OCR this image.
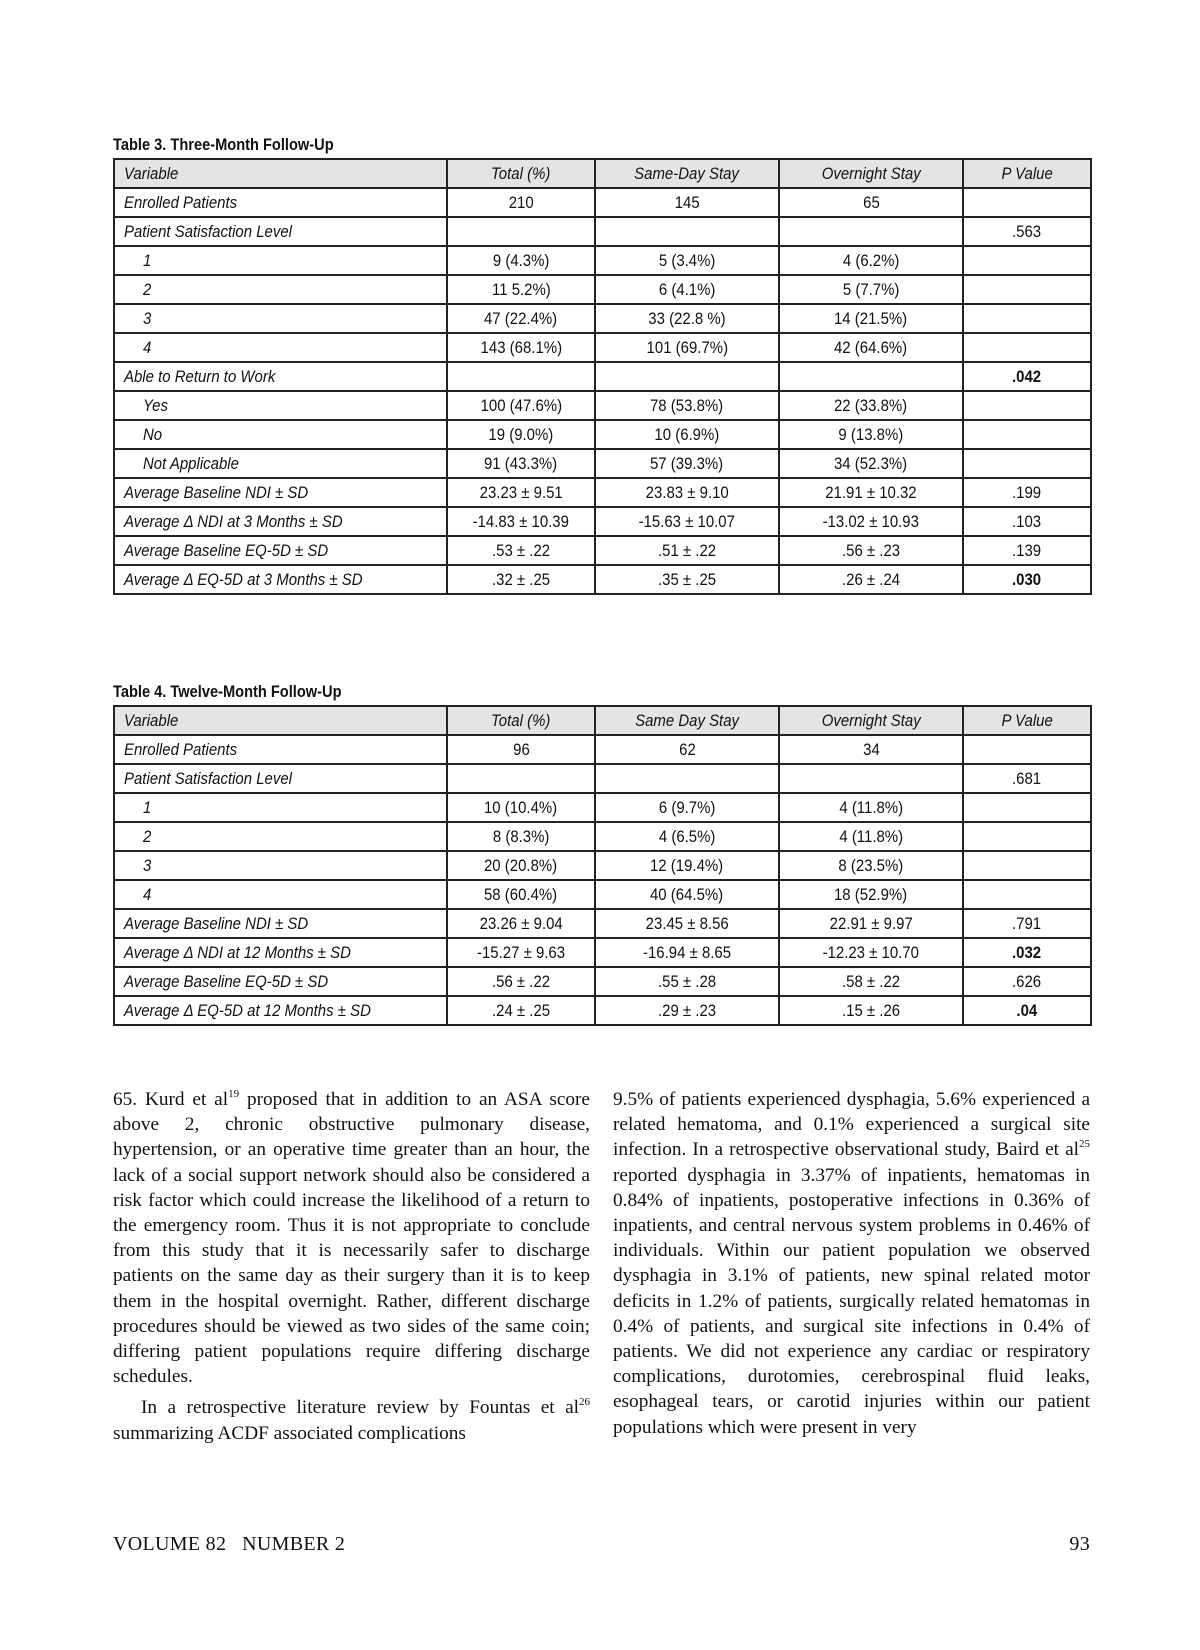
Table 3. Three-Month Follow-Up
Variable	Total (%)	Same-Day Stay	Overnight Stay	P Value
Enrolled Patients	210	145	65	
Patient Satisfaction Level				.563
1	9 (4.3%)	5 (3.4%)	4 (6.2%)	
2	11 5.2%)	6 (4.1%)	5 (7.7%)	
3	47 (22.4%)	33 (22.8 %)	14 (21.5%)	
4	143 (68.1%)	101 (69.7%)	42 (64.6%)	
Able to Return to Work				.042
Yes	100 (47.6%)	78 (53.8%)	22 (33.8%)	
No	19 (9.0%)	10 (6.9%)	9 (13.8%)	
Not Applicable	91 (43.3%)	57 (39.3%)	34 (52.3%)	
Average Baseline NDI ± SD	23.23 ± 9.51	23.83 ± 9.10	21.91 ± 10.32	.199
Average Δ NDI at 3 Months ± SD	-14.83 ± 10.39	-15.63 ± 10.07	-13.02 ± 10.93	.103
Average Baseline EQ-5D ± SD	.53 ± .22	.51 ± .22	.56 ± .23	.139
Average Δ EQ-5D at 3 Months ± SD	.32 ± .25	.35 ± .25	.26 ± .24	.030
Table 4. Twelve-Month Follow-Up
Variable	Total (%)	Same Day Stay	Overnight Stay	P Value
Enrolled Patients	96	62	34	
Patient Satisfaction Level				.681
1	10 (10.4%)	6 (9.7%)	4 (11.8%)	
2	8 (8.3%)	4 (6.5%)	4 (11.8%)	
3	20 (20.8%)	12 (19.4%)	8 (23.5%)	
4	58 (60.4%)	40 (64.5%)	18 (52.9%)	
Average Baseline NDI ± SD	23.26 ± 9.04	23.45 ± 8.56	22.91 ± 9.97	.791
Average Δ NDI at 12 Months ± SD	-15.27 ± 9.63	-16.94 ± 8.65	-12.23 ± 10.70	.032
Average Baseline EQ-5D ± SD	.56 ± .22	.55 ± .28	.58 ± .22	.626
Average Δ EQ-5D at 12 Months ± SD	.24 ± .25	.29 ± .23	.15 ± .26	.04

65. Kurd et $al^{19}$ proposed that in addition to an ASA score above 2, chronic obstructive pulmonary disease, hypertension, or an operative time greater than an hour, the lack of a social support network should also be considered a risk factor which could increase the likelihood of a return to the emergency room. Thus it is not appropriate to conclude from this study that it is necessarily safer to discharge patients on the same day as their surgery than it is to keep them in the hospital overnight. Rather, different discharge procedures should be viewed as two sides of the same coin; differing patient populations require differing discharge schedules.

In a retrospective literature review by Fountas et $al^{26}$ summarizing ACDF associated complications

9.5% of patients experienced dysphagia, 5.6% experienced a related hematoma, and 0.1% experienced a surgical site infection. In a retrospective observational study, Baird et $al^{25}$ reported dysphagia in 3.37% of inpatients, hematomas in 0.84% of inpatients, postoperative infections in 0.36% of inpatients, and central nervous system problems in 0.46% of individuals. Within our patient population we observed dysphagia in 3.1% of patients, new spinal related motor deficits in 1.2% of patients, surgically related hematomas in 0.4% of patients, and surgical site infections in 0.4% of patients. We did not experience any cardiac or respiratory complications, durotomies, cerebrospinal fluid leaks, esophageal tears, or carotid injuries within our patient populations which were present in very

VOLUME 82   NUMBER 2	93
